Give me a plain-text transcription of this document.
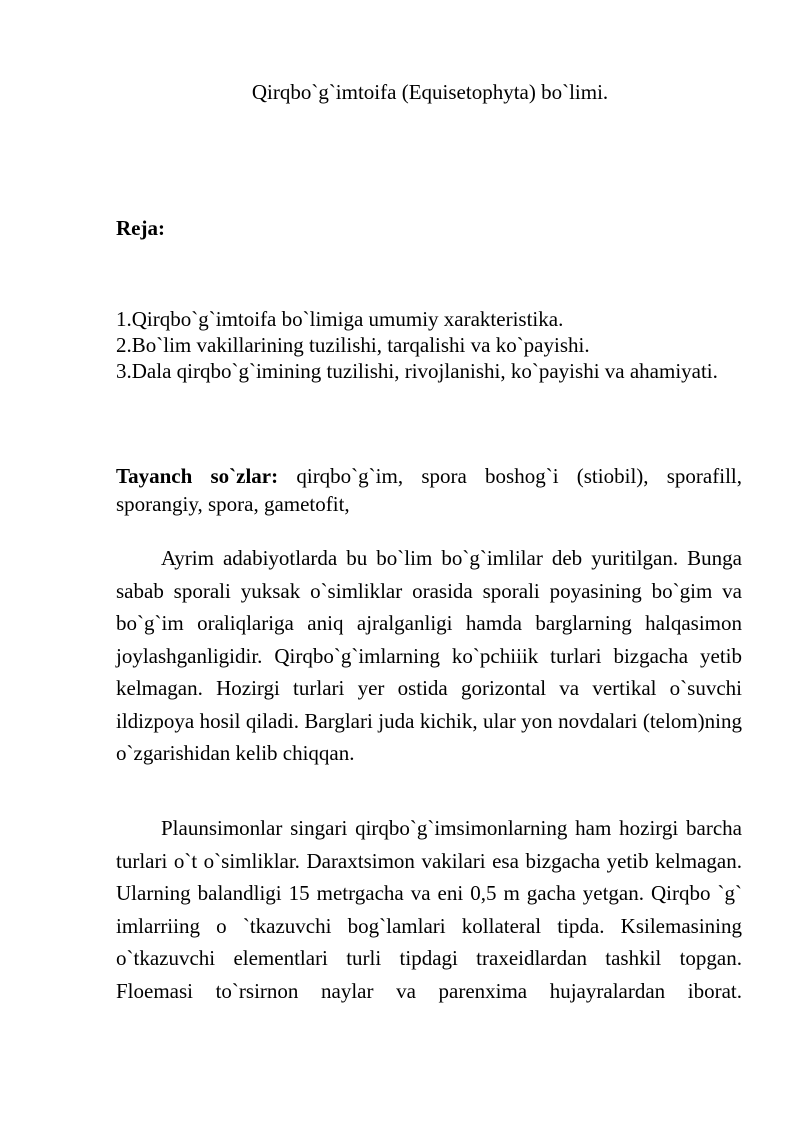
Qirqbo`g`imtoifa (Equisetophyta) bo`limi.
Reja:
1.Qirqbo`g`imtoifa bo`limiga umumiy xarakteristika.
2.Bo`lim vakillarining tuzilishi, tarqalishi va ko`payishi.
3.Dala qirqbo`g`imining tuzilishi, rivojlanishi, ko`payishi va ahamiyati.

Tayanch so`zlar: qirqbo`g`im, spora boshog`i (stiobil), sporafill, sporangiy, spora, gametofit,

Ayrim adabiyotlarda bu bo`lim bo`g`imlilar deb yuritilgan. Bunga sabab sporali yuksak o`simliklar orasida sporali poyasining bo`gim va bo`g`im oraliqlariga aniq ajralganligi hamda barglarning halqasimon joylashganligidir. Qirqbo`g`imlarning ko`pchiiik turlari bizgacha yetib kelmagan. Hozirgi turlari yer ostida gorizontal va vertikal o`suvchi ildizpoya hosil qiladi. Barglari juda kichik, ular yon novdalari (telom)ning o`zgarishidan kelib chiqqan.

Plaunsimonlar singari qirqbo`g`imsimonlarning ham hozirgi barcha turlari o`t o`simliklar. Daraxtsimon vakilari esa bizgacha yetib kelmagan. Ularning balandligi 15 metrgacha va eni 0,5 m gacha yetgan. Qirqbo `g` imlarriing o `tkazuvchi bog`lamlari kollateral tipda. Ksilemasining o`tkazuvchi elementlari turli tipdagi traxeidlardan tashkil topgan. Floemasi to`rsirnon naylar va parenxima hujayralardan iborat.
